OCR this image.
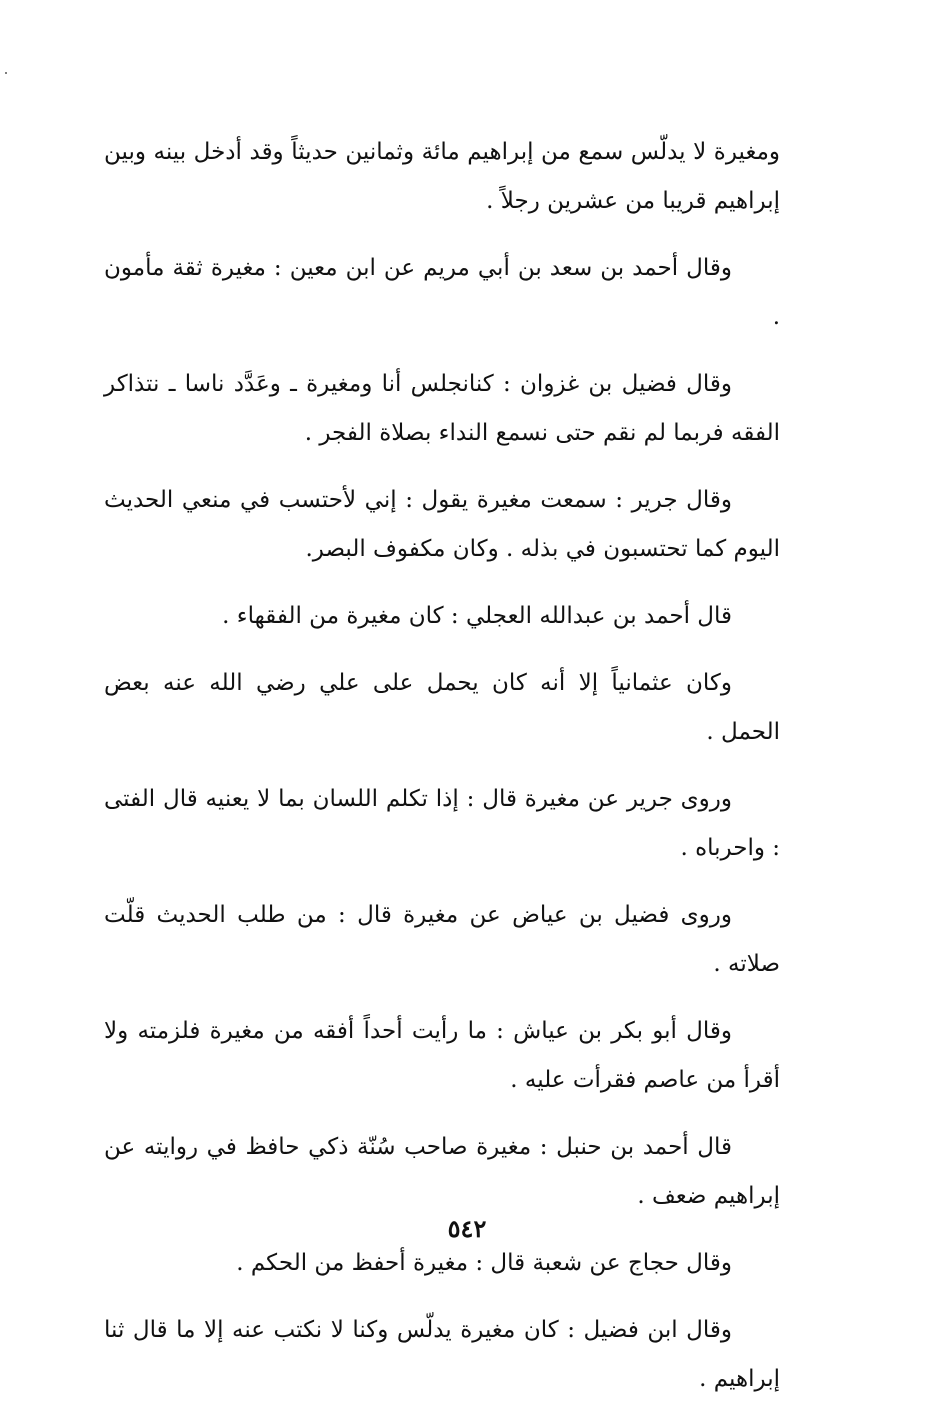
ومغيرة لا يدلّس سمع من إبراهيم مائة وثمانين حديثاً وقد أدخل بينه وبين إبراهيم قريبا من عشرين رجلاً .

وقال أحمد بن سعد بن أبي مريم عن ابن معين : مغيرة ثقة مأمون .

وقال فضيل بن غزوان : كنانجلس أنا ومغيرة ـ وعَدَّد ناسا ـ نتذاكر الفقه فربما لم نقم حتى نسمع النداء بصلاة الفجر .

وقال جرير : سمعت مغيرة يقول : إني لأحتسب في منعي الحديث اليوم كما تحتسبون في بذله . وكان مكفوف البصر.

قال أحمد بن عبدالله العجلي : كان مغيرة من الفقهاء .

وكان عثمانياً إلا أنه كان يحمل على علي رضي الله عنه بعض الحمل .

وروى جرير عن مغيرة قال : إذا تكلم اللسان بما لا يعنيه قال الفتى : واحرباه .

وروى فضيل بن عياض عن مغيرة قال : من طلب الحديث قلّت صلاته .

وقال أبو بكر بن عياش : ما رأيت أحداً أفقه من مغيرة فلزمته ولا أقرأ من عاصم فقرأت عليه .

قال أحمد بن حنبل : مغيرة صاحب سُنّة ذكي حافظ في روايته عن إبراهيم ضعف .

وقال حجاج عن شعبة قال : مغيرة أحفظ من الحكم .

وقال ابن فضيل : كان مغيرة يدلّس وكنا لا نكتب عنه إلا ما قال ثنا إبراهيم .

٥٤٢
